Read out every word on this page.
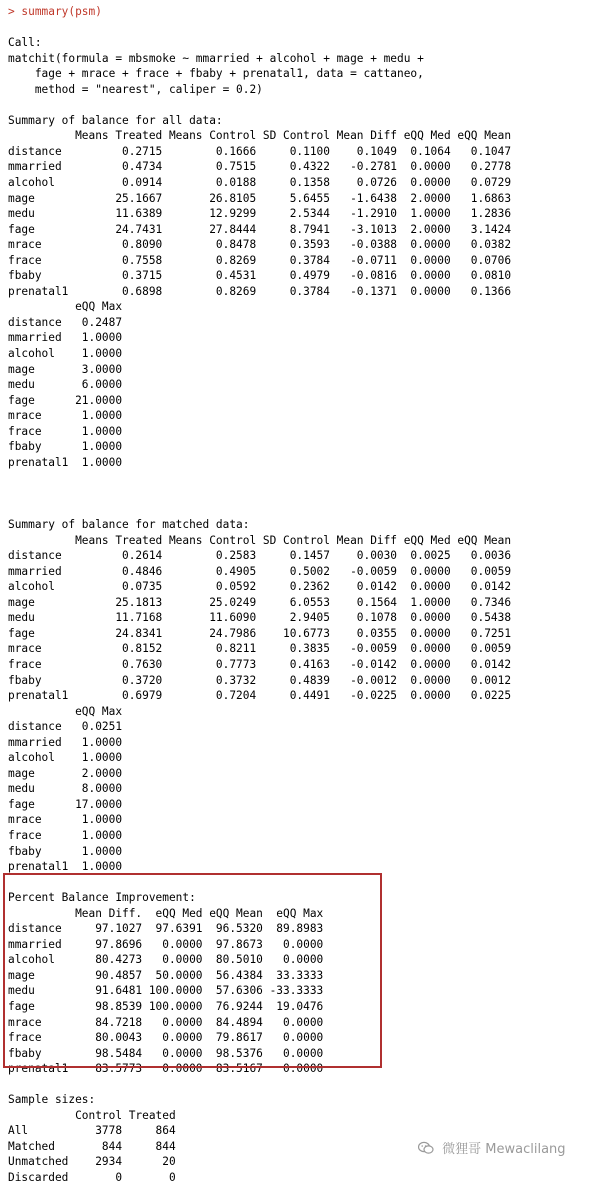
> summary(psm)
Call:
matchit(formula = mbsmoke ~ mmarried + alcohol + mage + medu +
fage + mrace + frace + fbaby + prenatal1, data = cattaneo,
method = "nearest", caliper = 0.2)
Summary of balance for all data:
Means Treated Means Control SD Control Mean Diff eQQ Med eQQ Mean
distance         0.2715        0.1666     0.1100    0.1049  0.1064   0.1047
mmarried         0.4734        0.7515     0.4322   -0.2781  0.0000   0.2778
alcohol          0.0914        0.0188     0.1358    0.0726  0.0000   0.0729
mage            25.1667       26.8105     5.6455   -1.6438  2.0000   1.6863
medu            11.6389       12.9299     2.5344   -1.2910  1.0000   1.2836
fage            24.7431       27.8444     8.7941   -3.1013  2.0000   3.1424
mrace            0.8090        0.8478     0.3593   -0.0388  0.0000   0.0382
frace            0.7558        0.8269     0.3784   -0.0711  0.0000   0.0706
fbaby            0.3715        0.4531     0.4979   -0.0816  0.0000   0.0810
prenatal1        0.6898        0.8269     0.3784   -0.1371  0.0000   0.1366
eQQ Max
distance   0.2487
mmarried   1.0000
alcohol    1.0000
mage       3.0000
medu       6.0000
fage      21.0000
mrace      1.0000
frace      1.0000
fbaby      1.0000
prenatal1  1.0000
Summary of balance for matched data:
Means Treated Means Control SD Control Mean Diff eQQ Med eQQ Mean
distance         0.2614        0.2583     0.1457    0.0030  0.0025   0.0036
mmarried         0.4846        0.4905     0.5002   -0.0059  0.0000   0.0059
alcohol          0.0735        0.0592     0.2362    0.0142  0.0000   0.0142
mage            25.1813       25.0249     6.0553    0.1564  1.0000   0.7346
medu            11.7168       11.6090     2.9405    0.1078  0.0000   0.5438
fage            24.8341       24.7986    10.6773    0.0355  0.0000   0.7251
mrace            0.8152        0.8211     0.3835   -0.0059  0.0000   0.0059
frace            0.7630        0.7773     0.4163   -0.0142  0.0000   0.0142
fbaby            0.3720        0.3732     0.4839   -0.0012  0.0000   0.0012
prenatal1        0.6979        0.7204     0.4491   -0.0225  0.0000   0.0225
eQQ Max
distance   0.0251
mmarried   1.0000
alcohol    1.0000
mage       2.0000
medu       8.0000
fage      17.0000
mrace      1.0000
frace      1.0000
fbaby      1.0000
prenatal1  1.0000
Percent Balance Improvement:
Mean Diff.  eQQ Med eQQ Mean  eQQ Max
distance     97.1027  97.6391  96.5320  89.8983
mmarried     97.8696   0.0000  97.8673   0.0000
alcohol      80.4273   0.0000  80.5010   0.0000
mage         90.4857  50.0000  56.4384  33.3333
medu         91.6481 100.0000  57.6306 -33.3333
fage         98.8539 100.0000  76.9244  19.0476
mrace        84.7218   0.0000  84.4894   0.0000
frace        80.0043   0.0000  79.8617   0.0000
fbaby        98.5484   0.0000  98.5376   0.0000
prenatal1    83.5773   0.0000  83.5167   0.0000
Sample sizes:
Control Treated
All          3778     864
Matched       844     844
Unmatched    2934      20
Discarded       0       0
微狸哥 Mewaclilang
